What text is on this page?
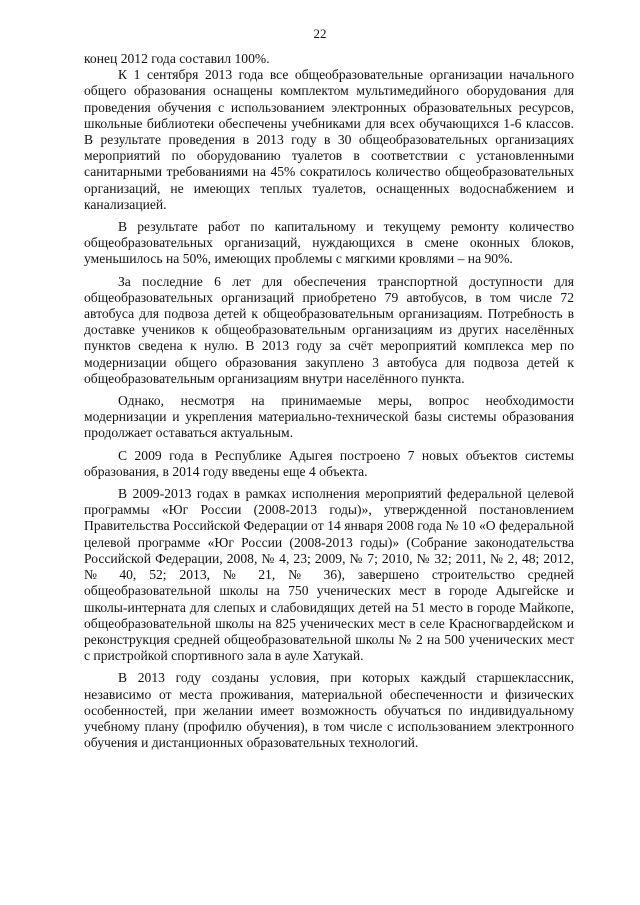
22

конец 2012 года составил 100%.

К 1 сентября 2013 года все общеобразовательные организации начального общего образования оснащены комплектом мультимедийного оборудования для проведения обучения с использованием электронных образовательных ресурсов, школьные библиотеки обеспечены учебниками для всех обучающихся 1-6 классов. В результате проведения в 2013 году в 30 общеобразовательных организациях мероприятий по оборудованию туалетов в соответствии с установленными санитарными требованиями на 45% сократилось количество общеобразовательных организаций, не имеющих теплых туалетов, оснащенных водоснабжением и канализацией.

В результате работ по капитальному и текущему ремонту количество общеобразовательных организаций, нуждающихся в смене оконных блоков, уменьшилось на 50%, имеющих проблемы с мягкими кровлями – на 90%.

За последние 6 лет для обеспечения транспортной доступности для общеобразовательных организаций приобретено 79 автобусов, в том числе 72 автобуса для подвоза детей к общеобразовательным организациям. Потребность в доставке учеников к общеобразовательным организациям из других населённых пунктов сведена к нулю. В 2013 году за счёт мероприятий комплекса мер по модернизации общего образования закуплено 3 автобуса для подвоза детей к общеобразовательным организациям внутри населённого пункта.

Однако, несмотря на принимаемые меры, вопрос необходимости модернизации и укрепления материально-технической базы системы образования продолжает оставаться актуальным.

С 2009 года в Республике Адыгея построено 7 новых объектов системы образования, в 2014 году введены еще 4 объекта.

В 2009-2013 годах в рамках исполнения мероприятий федеральной целевой программы «Юг России (2008-2013 годы)», утвержденной постановлением Правительства Российской Федерации от 14 января 2008 года № 10 «О федеральной целевой программе «Юг России (2008-2013 годы)» (Собрание законодательства Российской Федерации, 2008, № 4, 23; 2009, № 7; 2010, № 32; 2011, № 2, 48; 2012, № 40, 52; 2013, № 21, № 36), завершено строительство средней общеобразовательной школы на 750 ученических мест в городе Адыгейске и школы-интерната для слепых и слабовидящих детей на 51 место в городе Майкопе, общеобразовательной школы на 825 ученических мест в селе Красногвардейском и реконструкция средней общеобразовательной школы № 2 на 500 ученических мест с пристройкой спортивного зала в ауле Хатукай.

В 2013 году созданы условия, при которых каждый старшеклассник, независимо от места проживания, материальной обеспеченности и физических особенностей, при желании имеет возможность обучаться по индивидуальному учебному плану (профилю обучения), в том числе с использованием электронного обучения и дистанционных образовательных технологий.
